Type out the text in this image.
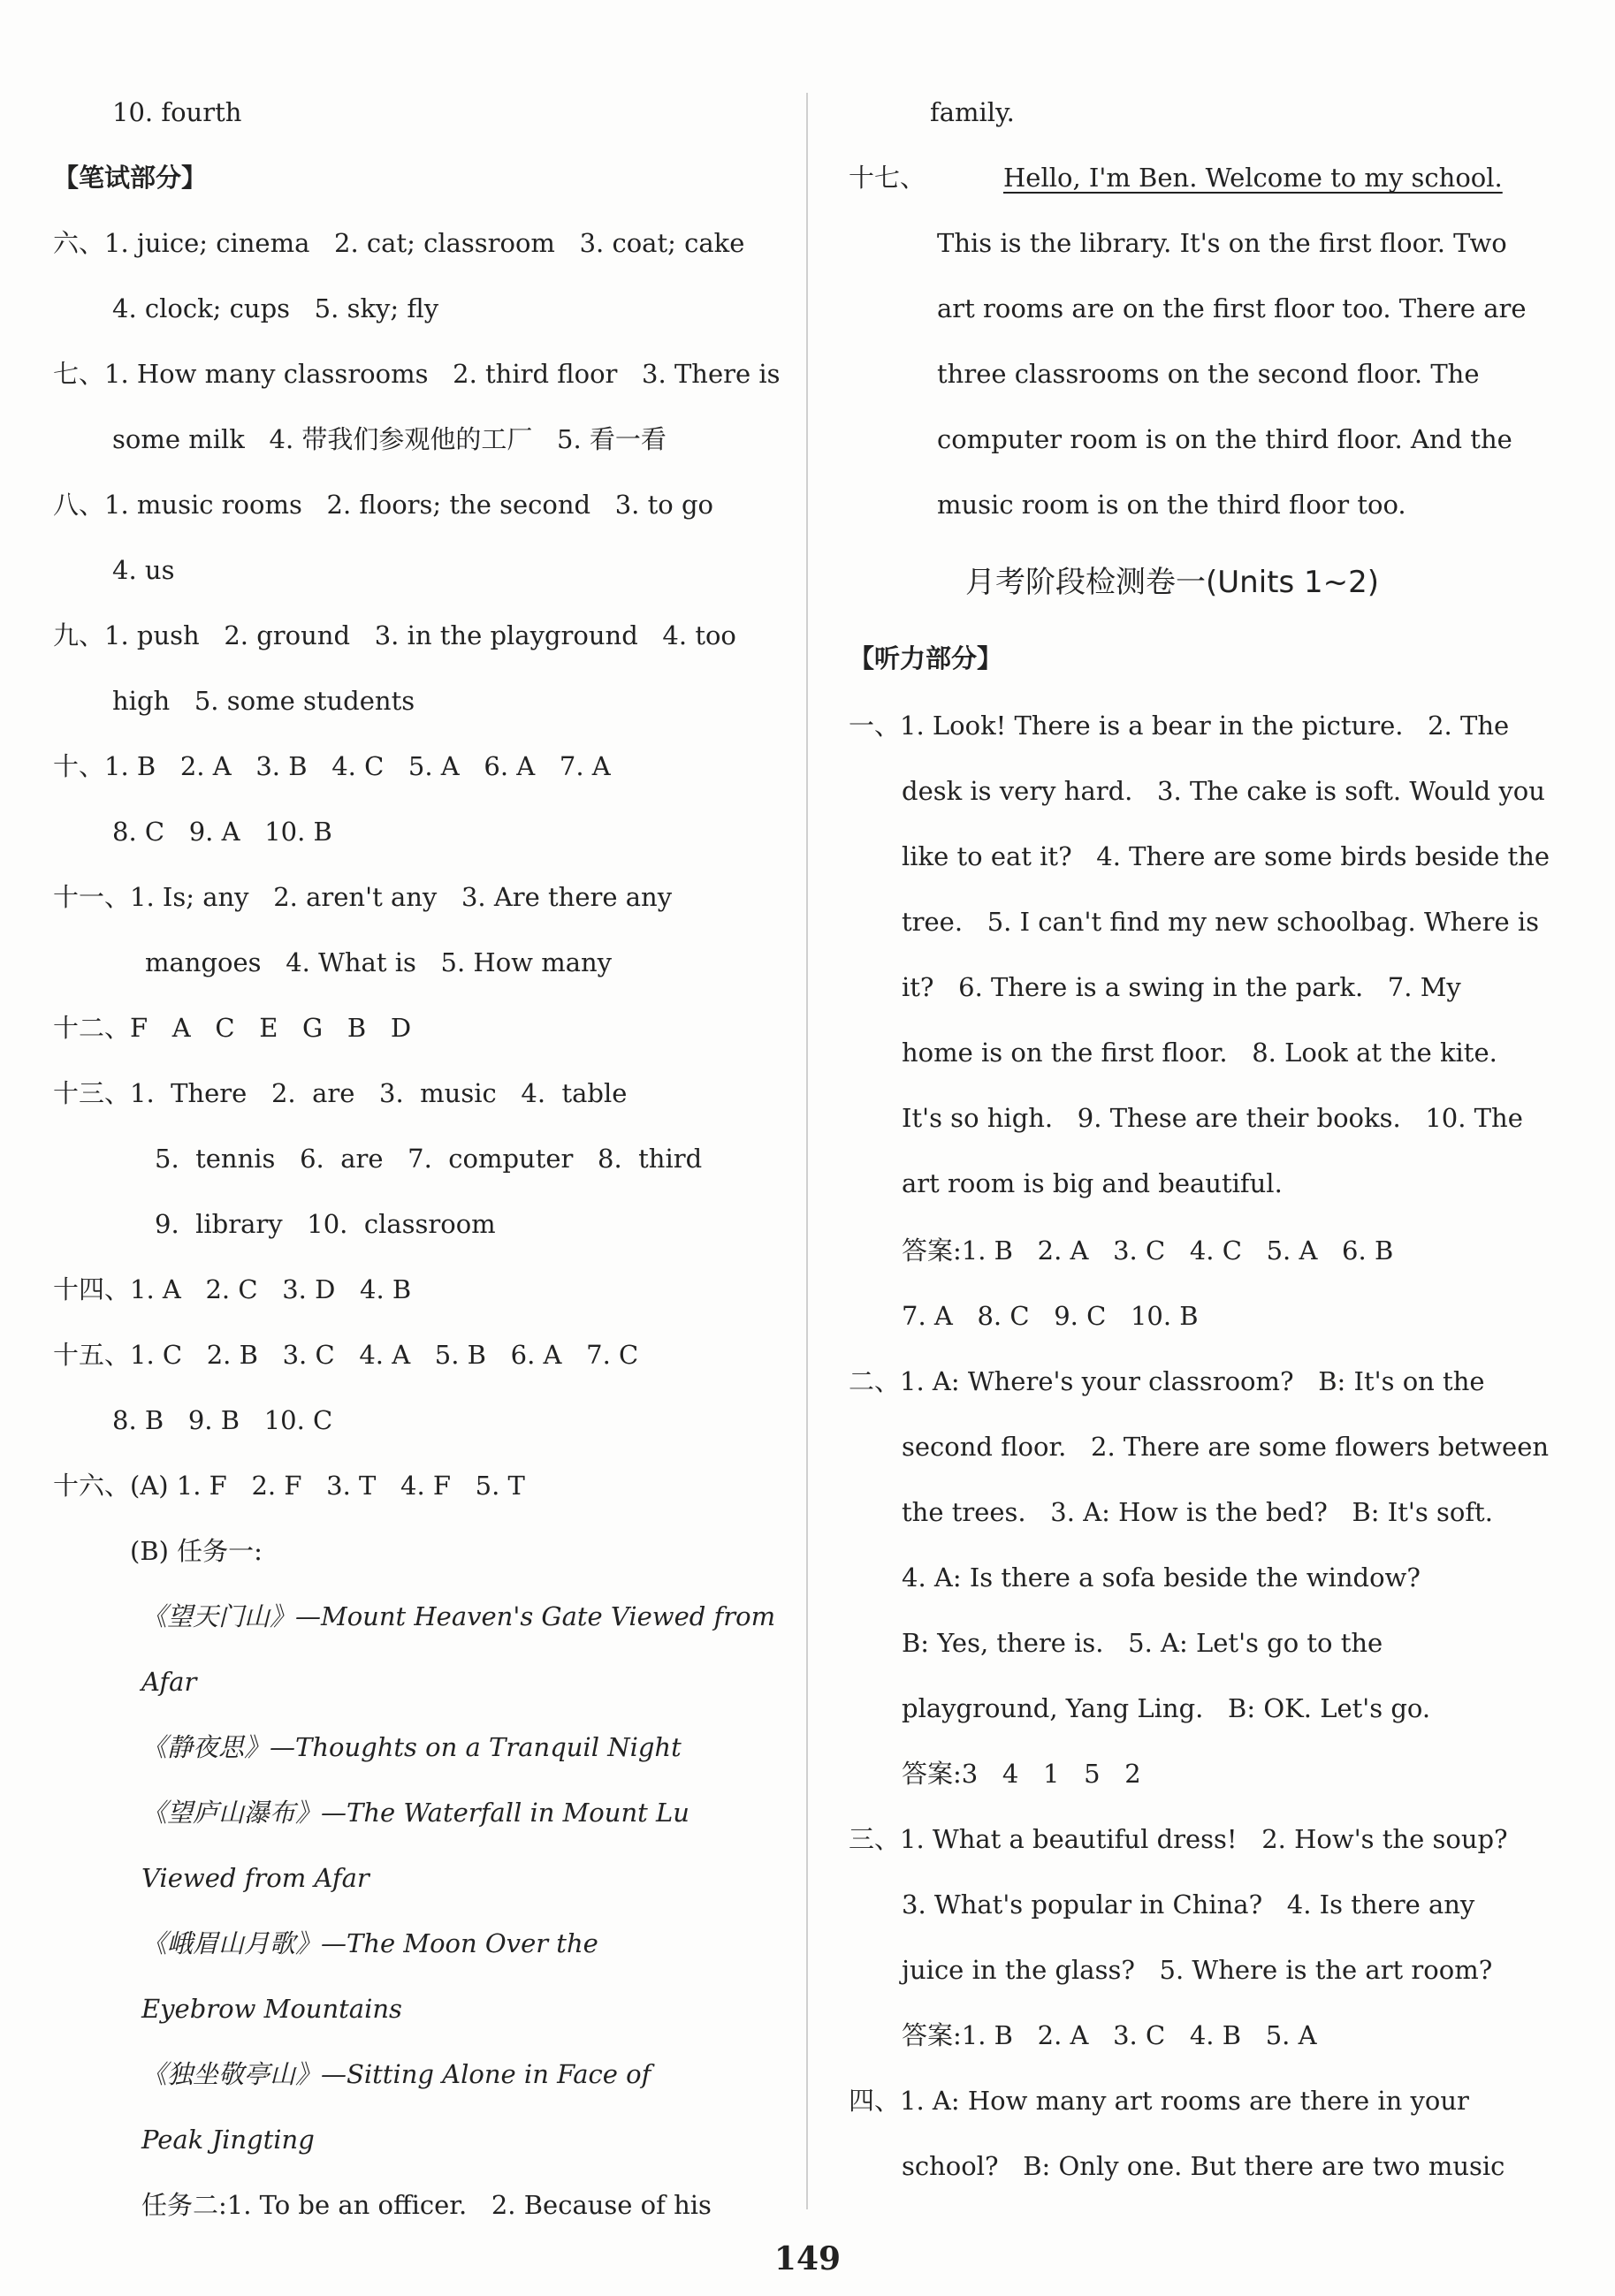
10. fourth
【笔试部分】
六、1. juice; cinema   2. cat; classroom   3. coat; cake
4. clock; cups   5. sky; fly
七、1. How many classrooms   2. third floor   3. There is
some milk   4. 带我们参观他的工厂   5. 看一看
八、1. music rooms   2. floors; the second   3. to go
4. us
九、1. push   2. ground   3. in the playground   4. too
high   5. some students
十、1. B   2. A   3. B   4. C   5. A   6. A   7. A
8. C   9. A   10. B
十一、1. Is; any   2. aren't any   3. Are there any
mangoes   4. What is   5. How many
十二、F   A   C   E   G   B   D
十三、1.  There   2.  are   3.  music   4.  table
5.  tennis   6.  are   7.  computer   8.  third
9.  library   10.  classroom
十四、1. A   2. C   3. D   4. B
十五、1. C   2. B   3. C   4. A   5. B   6. A   7. C
8. B   9. B   10. C
十六、(A) 1. F   2. F   3. T   4. F   5. T
(B) 任务一:
《望天门山》—Mount Heaven's Gate Viewed from
Afar
《静夜思》—Thoughts on a Tranquil Night
《望庐山瀑布》—The Waterfall in Mount Lu
Viewed from Afar
《峨眉山月歌》—The Moon Over the
Eyebrow Mountains
《独坐敬亭山》—Sitting Alone in Face of
Peak Jingting
任务二:1. To be an officer.   2. Because of his
family.
十七、	Hello, I'm Ben. Welcome to my school.
This is the library. It's on the first floor. Two
art rooms are on the first floor too. There are
three classrooms on the second floor. The
computer room is on the third floor. And the
music room is on the third floor too.
月考阶段检测卷一(Units 1~2)
【听力部分】
一、1. Look! There is a bear in the picture.   2. The
desk is very hard.   3. The cake is soft. Would you
like to eat it?   4. There are some birds beside the
tree.   5. I can't find my new schoolbag. Where is
it?   6. There is a swing in the park.   7. My
home is on the first floor.   8. Look at the kite.
It's so high.   9. These are their books.   10. The
art room is big and beautiful.
答案:1. B   2. A   3. C   4. C   5. A   6. B
7. A   8. C   9. C   10. B
二、1. A: Where's your classroom?   B: It's on the
second floor.   2. There are some flowers between
the trees.   3. A: How is the bed?   B: It's soft.
4. A: Is there a sofa beside the window?
B: Yes, there is.   5. A: Let's go to the
playground, Yang Ling.   B: OK. Let's go.
答案:3   4   1   5   2
三、1. What a beautiful dress!   2. How's the soup?
3. What's popular in China?   4. Is there any
juice in the glass?   5. Where is the art room?
答案:1. B   2. A   3. C   4. B   5. A
四、1. A: How many art rooms are there in your
school?   B: Only one. But there are two music
149
